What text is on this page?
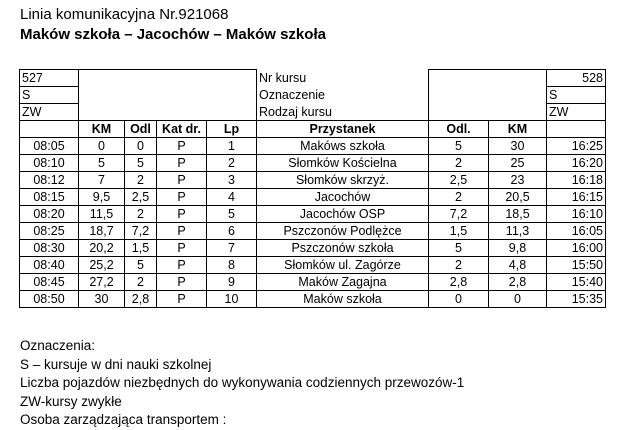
Linia komunikacyjna Nr.921068
Maków szkoła – Jacochów – Maków szkoła
527					Nr kursu			528
S					Oznaczenie			S
ZW					Rodzaj kursu			ZW
	KM	Odl	Kat dr.	Lp	Przystanek	Odl.	KM	
08:05	0	0	P	1	Makóws szkoła	5	30	16:25
08:10	5	5	P	2	Słomków Kościelna	2	25	16:20
08:12	7	2	P	3	Słomków skrzyż.	2,5	23	16:18
08:15	9,5	2,5	P	4	Jacochów	2	20,5	16:15
08:20	11,5	2	P	5	Jacochów OSP	7,2	18,5	16:10
08:25	18,7	7,2	P	6	Pszczonów Podlężce	1,5	11,3	16:05
08:30	20,2	1,5	P	7	Pszczonów szkoła	5	9,8	16:00
08:40	25,2	5	P	8	Słomków ul. Zagórze	2	4,8	15:50
08:45	27,2	2	P	9	Maków Zagajna	2,8	2,8	15:40
08:50	30	2,8	P	10	Maków szkoła	0	0	15:35
Oznaczenia:
S – kursuje w dni nauki szkolnej
Liczba pojazdów niezbędnych do wykonywania codziennych przewozów-1
ZW-kursy zwykłe
Osoba zarządzająca transportem :
